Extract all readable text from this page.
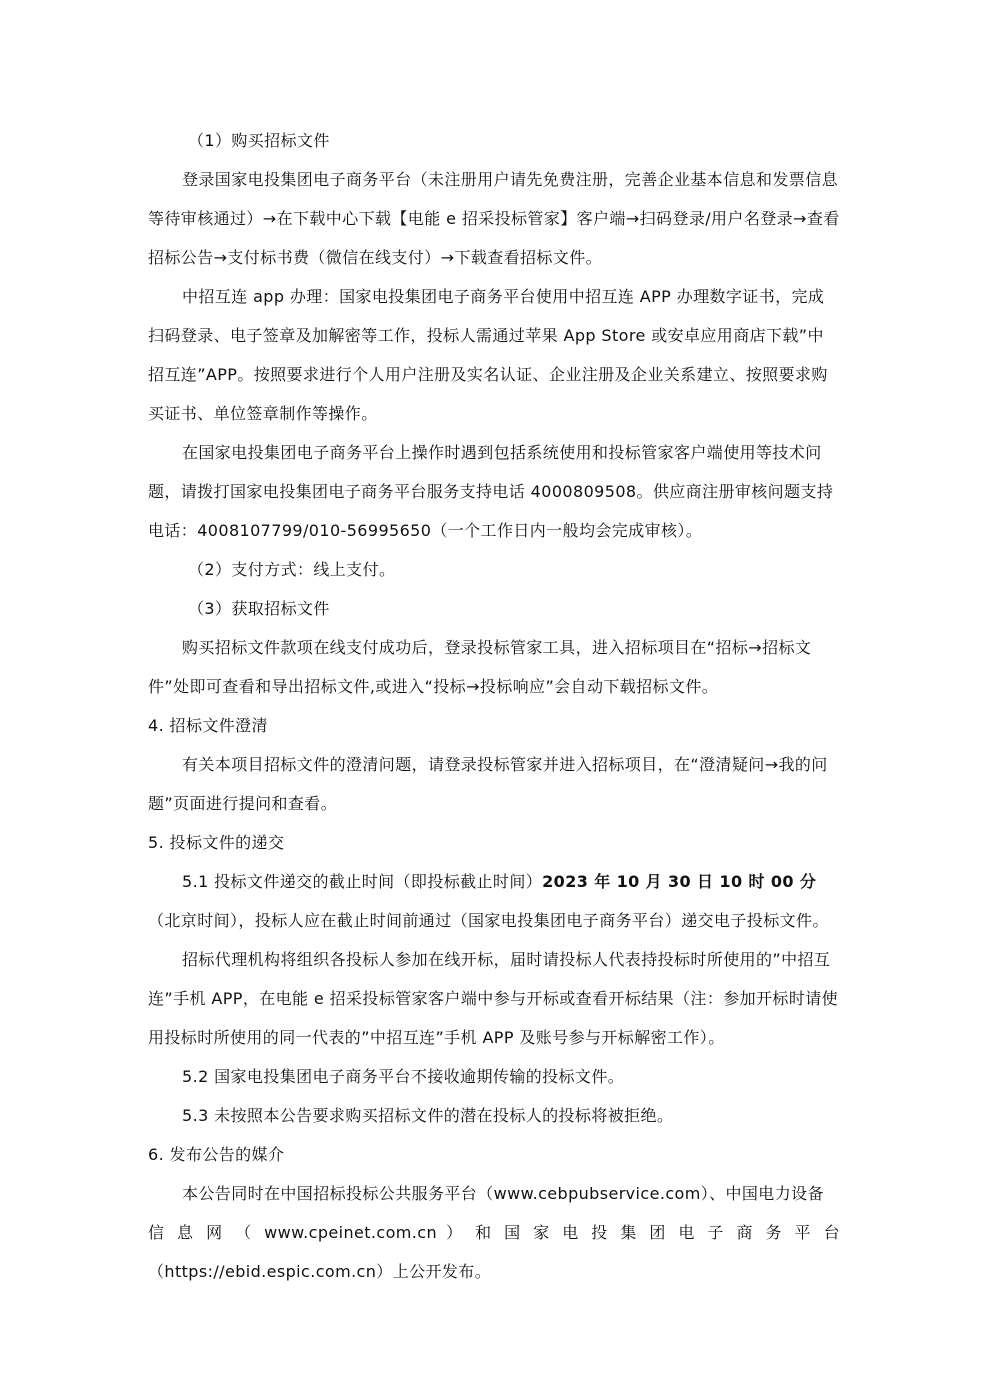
（1）购买招标文件

登录国家电投集团电子商务平台（未注册用户请先免费注册，完善企业基本信息和发票信息等待审核通过）→在下载中心下载【电能 e 招采投标管家】客户端→扫码登录/用户名登录→查看招标公告→支付标书费（微信在线支付）→下载查看招标文件。

中招互连 app 办理：国家电投集团电子商务平台使用中招互连 APP 办理数字证书，完成扫码登录、电子签章及加解密等工作，投标人需通过苹果 App Store 或安卓应用商店下载”中招互连”APP。按照要求进行个人用户注册及实名认证、企业注册及企业关系建立、按照要求购买证书、单位签章制作等操作。

在国家电投集团电子商务平台上操作时遇到包括系统使用和投标管家客户端使用等技术问题，请拨打国家电投集团电子商务平台服务支持电话 4000809508。供应商注册审核问题支持电话：4008107799/010-56995650（一个工作日内一般均会完成审核）。

（2）支付方式：线上支付。

（3）获取招标文件

购买招标文件款项在线支付成功后，登录投标管家工具，进入招标项目在“招标→招标文件”处即可查看和导出招标文件,或进入“投标→投标响应”会自动下载招标文件。

4. 招标文件澄清

有关本项目招标文件的澄清问题，请登录投标管家并进入招标项目，在“澄清疑问→我的问题”页面进行提问和查看。

5. 投标文件的递交

5.1 投标文件递交的截止时间（即投标截止时间）2023 年 10 月 30 日 10 时 00 分（北京时间），投标人应在截止时间前通过（国家电投集团电子商务平台）递交电子投标文件。

招标代理机构将组织各投标人参加在线开标，届时请投标人代表持投标时所使用的”中招互连”手机 APP，在电能 e 招采投标管家客户端中参与开标或查看开标结果（注：参加开标时请使用投标时所使用的同一代表的”中招互连”手机 APP 及账号参与开标解密工作）。

5.2 国家电投集团电子商务平台不接收逾期传输的投标文件。

5.3 未按照本公告要求购买招标文件的潜在投标人的投标将被拒绝。

6. 发布公告的媒介

本公告同时在中国招标投标公共服务平台（www.cebpubservice.com）、中国电力设备

信 息 网 （ www.cpeinet.com.cn ） 和 国 家 电 投 集 团 电 子 商 务 平 台

（https://ebid.espic.com.cn）上公开发布。
